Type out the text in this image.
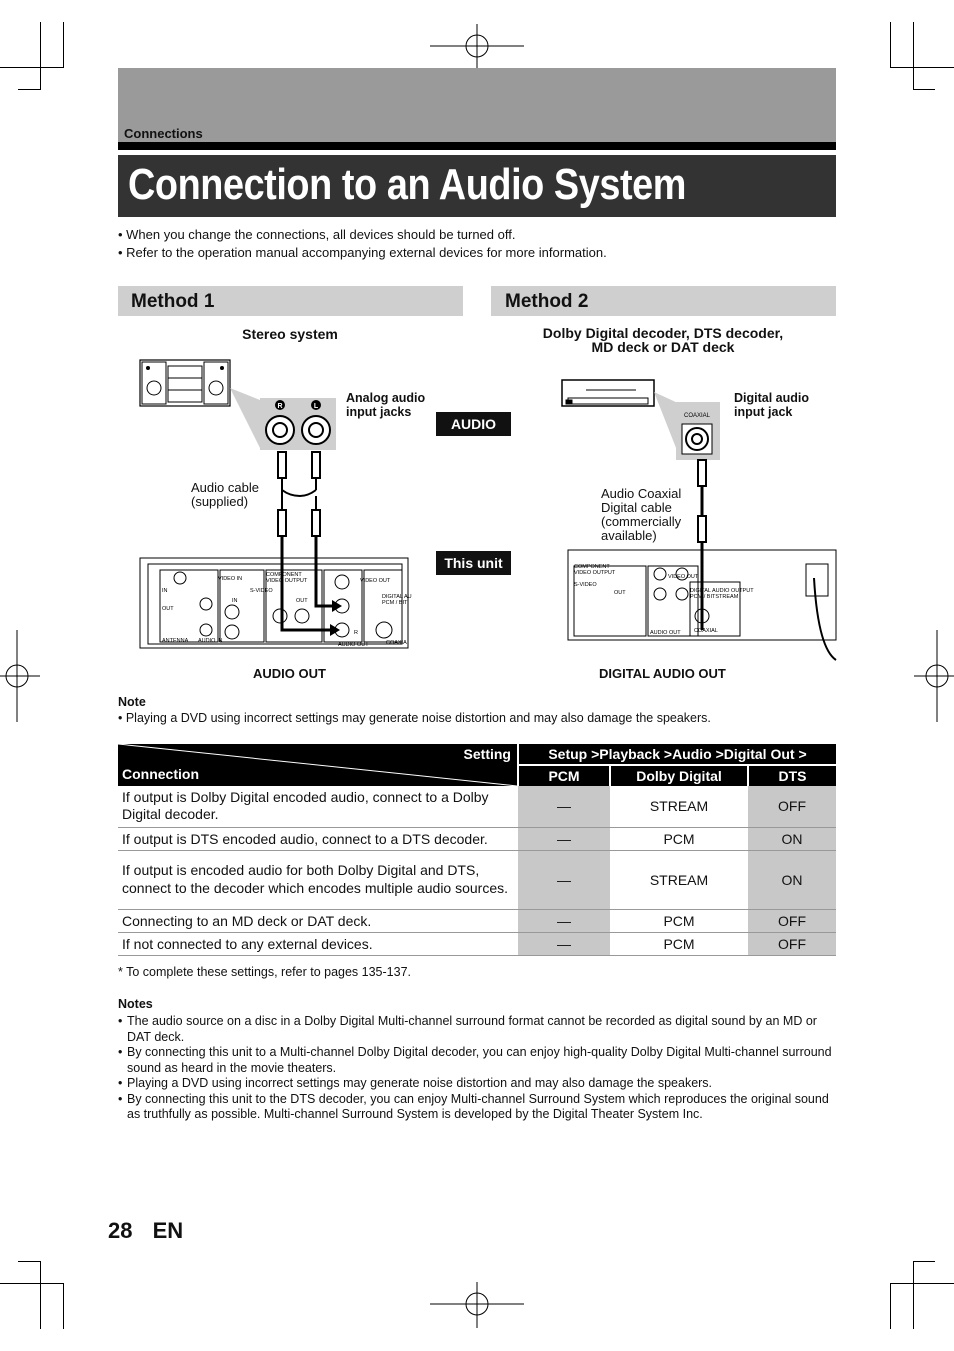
Connections
Connection to an Audio System
• When you change the connections, all devices should be turned off.
• Refer to the operation manual accompanying external devices for more information.
Method 1	Method 2
Stereo system
R	L
VIDEO IN
COMPONENT VIDEO OUTPUT	VIDEO OUT
S-VIDEO
IN
IN
OUT
OUT
DIGITAL AU PCM / BIT
ANTENNA AUDIO IN
AUDIO OUT	COAXIA
R
Analog audio
input jacks
Audio cable
(supplied)
AUDIO OUT
AUDIO
This unit
Dolby Digital decoder, DTS decoder,
MD deck or DAT deck
COAXIAL
COMPONENT VIDEO OUTPUT
S-VIDEO
VIDEO OUT
OUT	DIGITAL AUDIO OUTPUT PCM / BITSTREAM
AUDIO OUT COAXIAL
Digital audio
input jack
Audio Coaxial
Digital cable
(commercially
available)
DIGITAL AUDIO OUT
Note
• Playing a DVD using incorrect settings may generate noise distortion and may also damage the speakers.
Setting
Connection	Setup >Playback >Audio >Digital Out >		
	PCM	Dolby Digital	DTS
If output is Dolby Digital encoded audio, connect to a Dolby Digital decoder.	—	STREAM	OFF
If output is DTS encoded audio, connect to a DTS decoder.	—	PCM	ON
If output is encoded audio for both Dolby Digital and DTS, connect to the decoder which encodes multiple audio sources.	—	STREAM	ON
Connecting to an MD deck or DAT deck.	—	PCM	OFF
If not connected to any external devices.	—	PCM	OFF
* To complete these settings, refer to pages 135-137.
Notes
• The audio source on a disc in a Dolby Digital Multi-channel surround format cannot be recorded as digital sound by an MD or DAT deck.
• By connecting this unit to a Multi-channel Dolby Digital decoder, you can enjoy high-quality Dolby Digital Multi-channel surround sound as heard in the movie theaters.
• Playing a DVD using incorrect settings may generate noise distortion and may also damage the speakers.
• By connecting this unit to the DTS decoder, you can enjoy Multi-channel Surround System which reproduces the original sound as truthfully as possible. Multi-channel Surround System is developed by the Digital Theater System Inc.
28 EN
